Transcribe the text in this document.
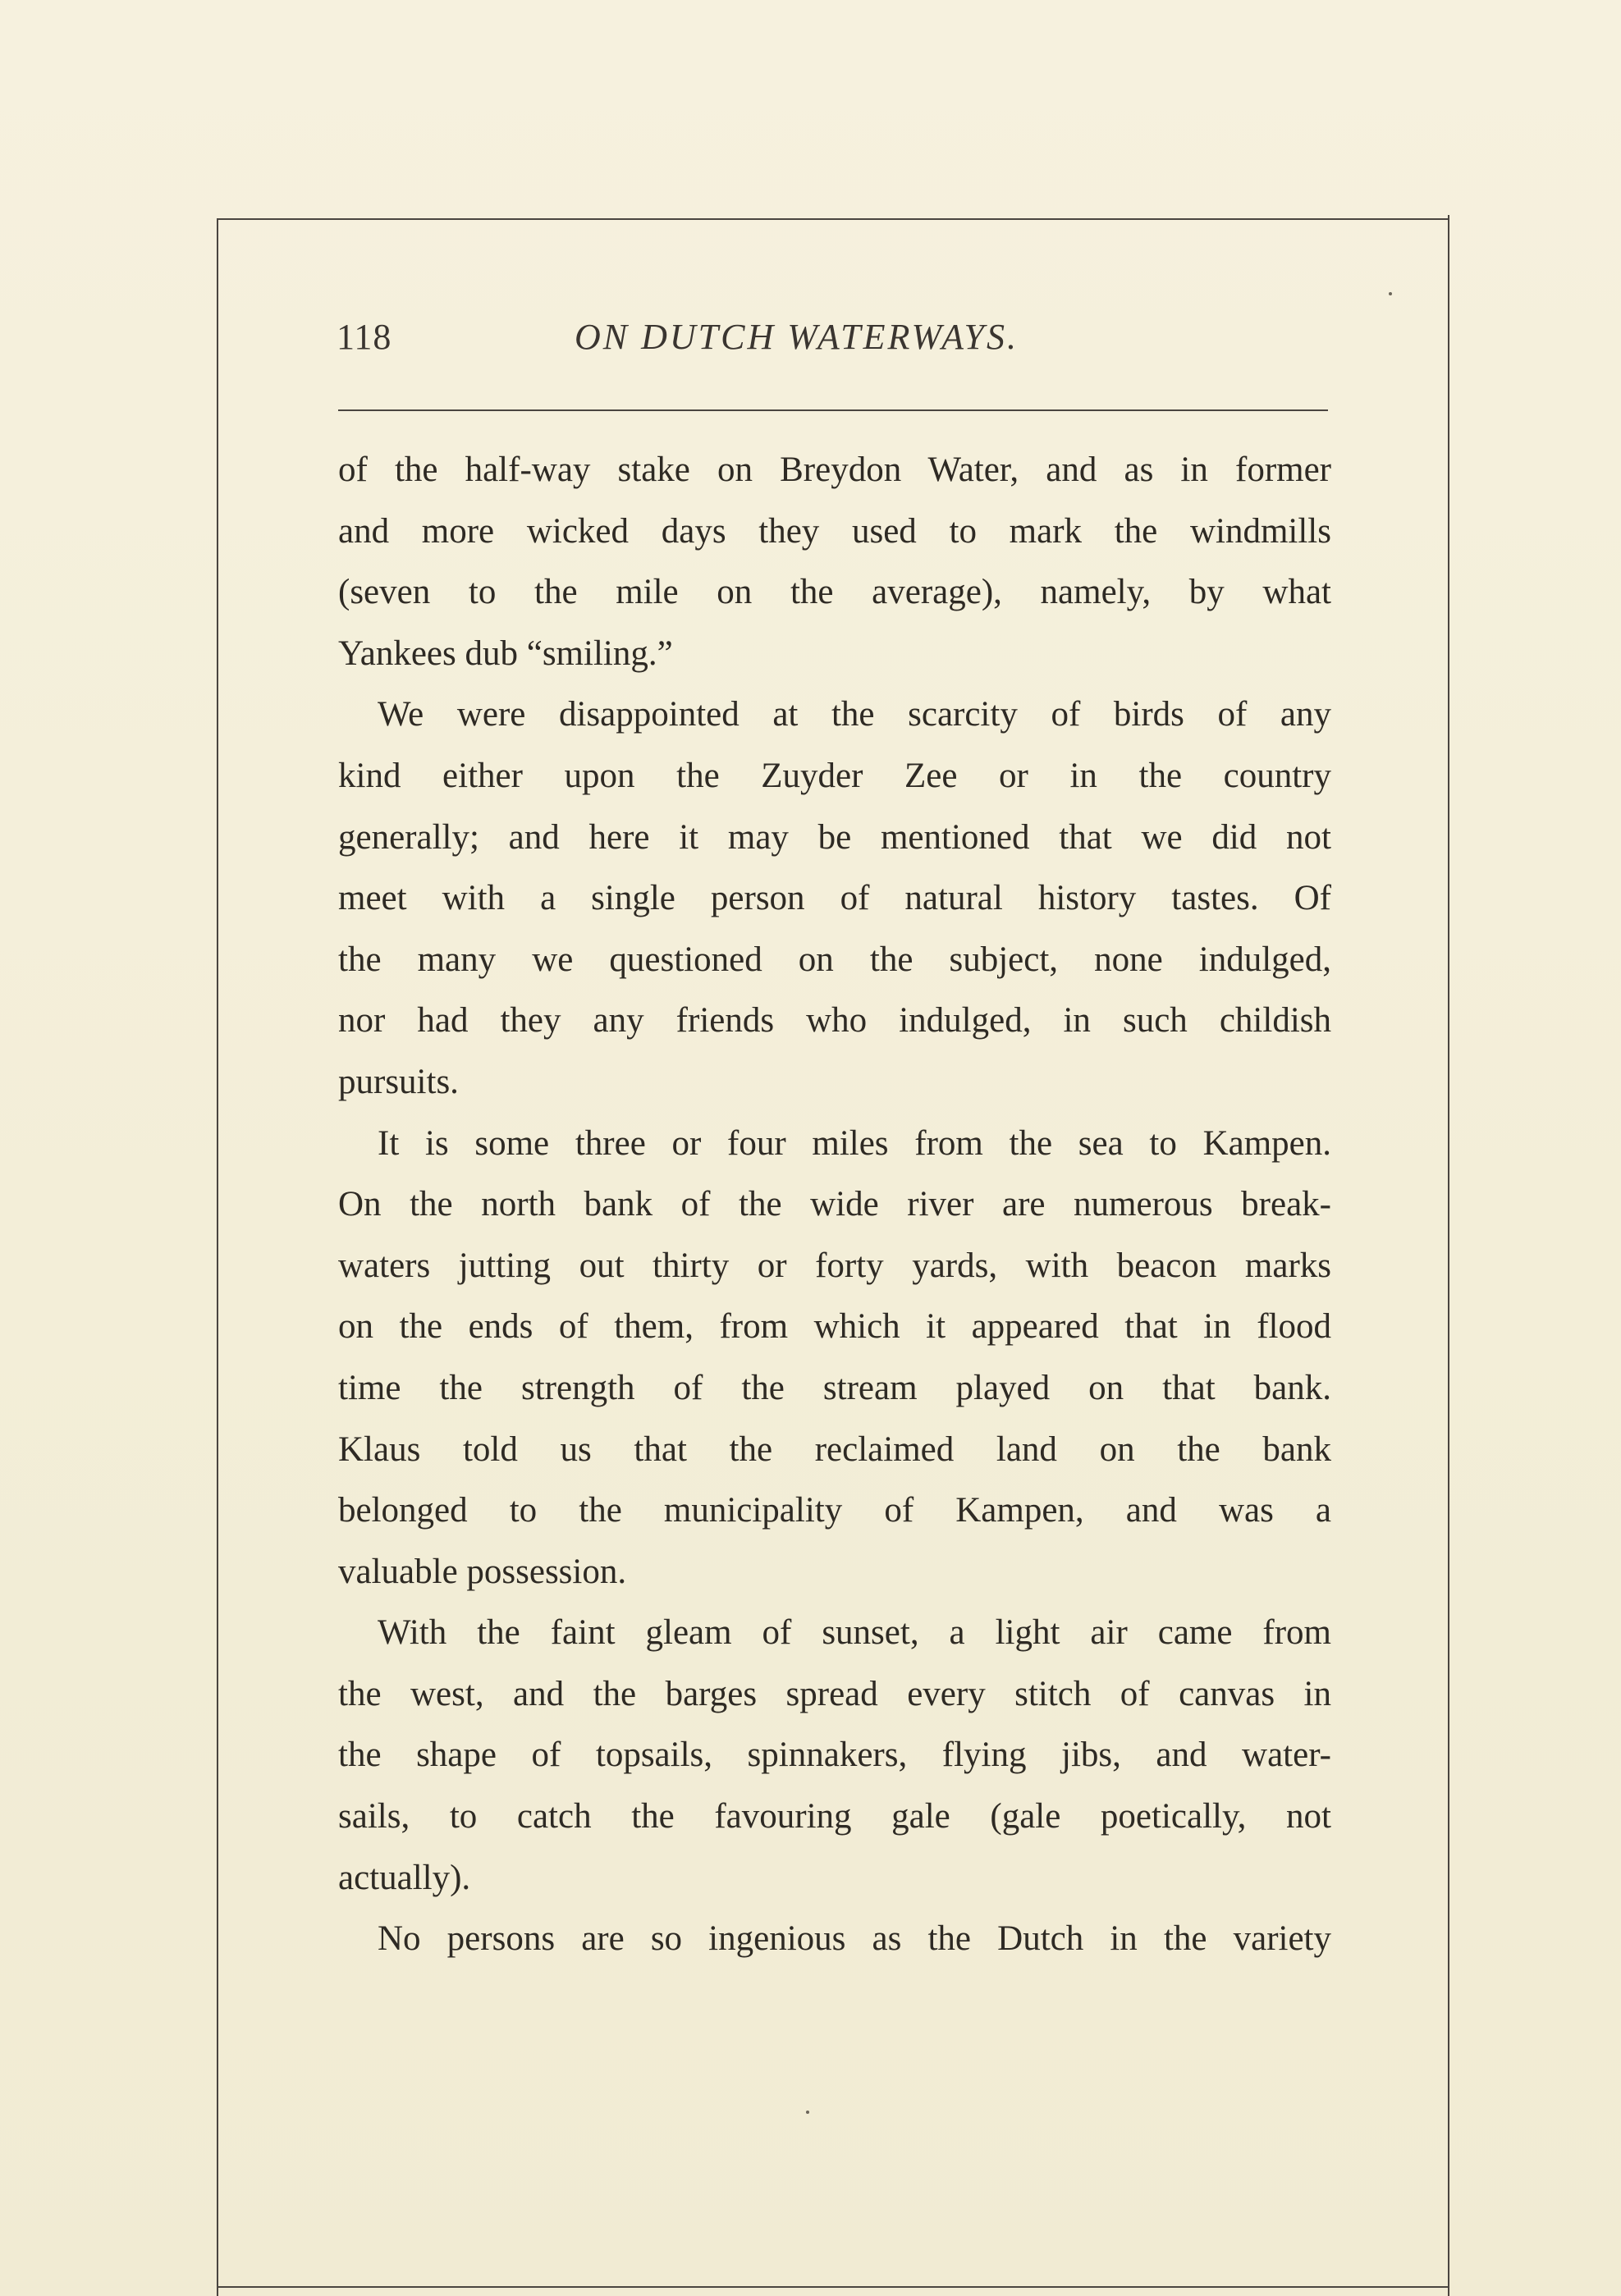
118	ON DUTCH WATERWAYS.
of the half-way stake on Breydon Water, and as in former
and more wicked days they used to mark the windmills
(seven to the mile on the average), namely, by what
Yankees dub “smiling.”
We were disappointed at the scarcity of birds of any
kind either upon the Zuyder Zee or in the country
generally; and here it may be mentioned that we did not
meet with a single person of natural history tastes. Of
the many we questioned on the subject, none indulged,
nor had they any friends who indulged, in such childish
pursuits.
It is some three or four miles from the sea to Kampen.
On the north bank of the wide river are numerous break-
waters jutting out thirty or forty yards, with beacon marks
on the ends of them, from which it appeared that in flood
time the strength of the stream played on that bank.
Klaus told us that the reclaimed land on the bank
belonged to the municipality of Kampen, and was a
valuable possession.
With the faint gleam of sunset, a light air came from
the west, and the barges spread every stitch of canvas in
the shape of topsails, spinnakers, flying jibs, and water-
sails, to catch the favouring gale (gale poetically, not
actually).
No persons are so ingenious as the Dutch in the variety
